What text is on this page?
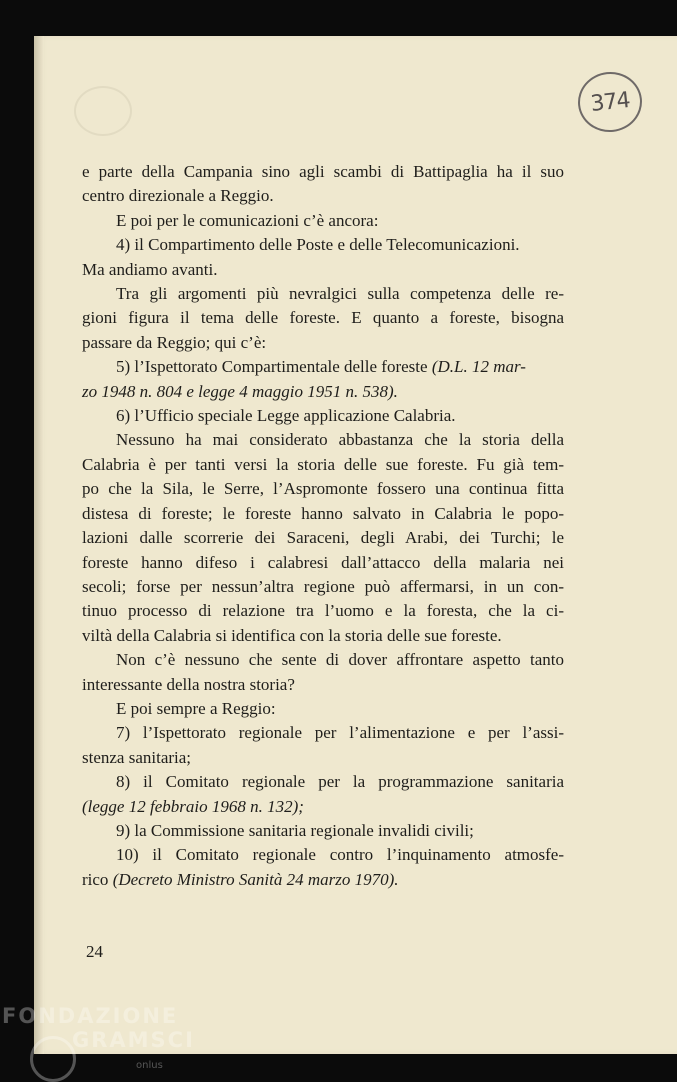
374
e parte della Campania sino agli scambi di Battipaglia ha il suo
centro direzionale a Reggio.
E poi per le comunicazioni c’è ancora:
4) il Compartimento delle Poste e delle Telecomunicazioni.
Ma andiamo avanti.
Tra gli argomenti più nevralgici sulla competenza delle re-
gioni figura il tema delle foreste. E quanto a foreste, bisogna
passare da Reggio; qui c’è:
5) l’Ispettorato Compartimentale delle foreste (D.L. 12 mar-
zo 1948 n. 804 e legge 4 maggio 1951 n. 538).
6) l’Ufficio speciale Legge applicazione Calabria.
Nessuno ha mai considerato abbastanza che la storia della
Calabria è per tanti versi la storia delle sue foreste. Fu già tem-
po che la Sila, le Serre, l’Aspromonte fossero una continua fitta
distesa di foreste; le foreste hanno salvato in Calabria le popo-
lazioni dalle scorrerie dei Saraceni, degli Arabi, dei Turchi; le
foreste hanno difeso i calabresi dall’attacco della malaria nei
secoli; forse per nessun’altra regione può affermarsi, in un con-
tinuo processo di relazione tra l’uomo e la foresta, che la ci-
viltà della Calabria si identifica con la storia delle sue foreste.
Non c’è nessuno che sente di dover affrontare aspetto tanto
interessante della nostra storia?
E poi sempre a Reggio:
7) l’Ispettorato regionale per l’alimentazione e per l’assi-
stenza sanitaria;
8) il Comitato regionale per la programmazione sanitaria
(legge 12 febbraio 1968 n. 132);
9) la Commissione sanitaria regionale invalidi civili;
10) il Comitato regionale contro l’inquinamento atmosfe-
rico (Decreto Ministro Sanità 24 marzo 1970).
24
FONDAZIONE
GRAMSCI
onlus
